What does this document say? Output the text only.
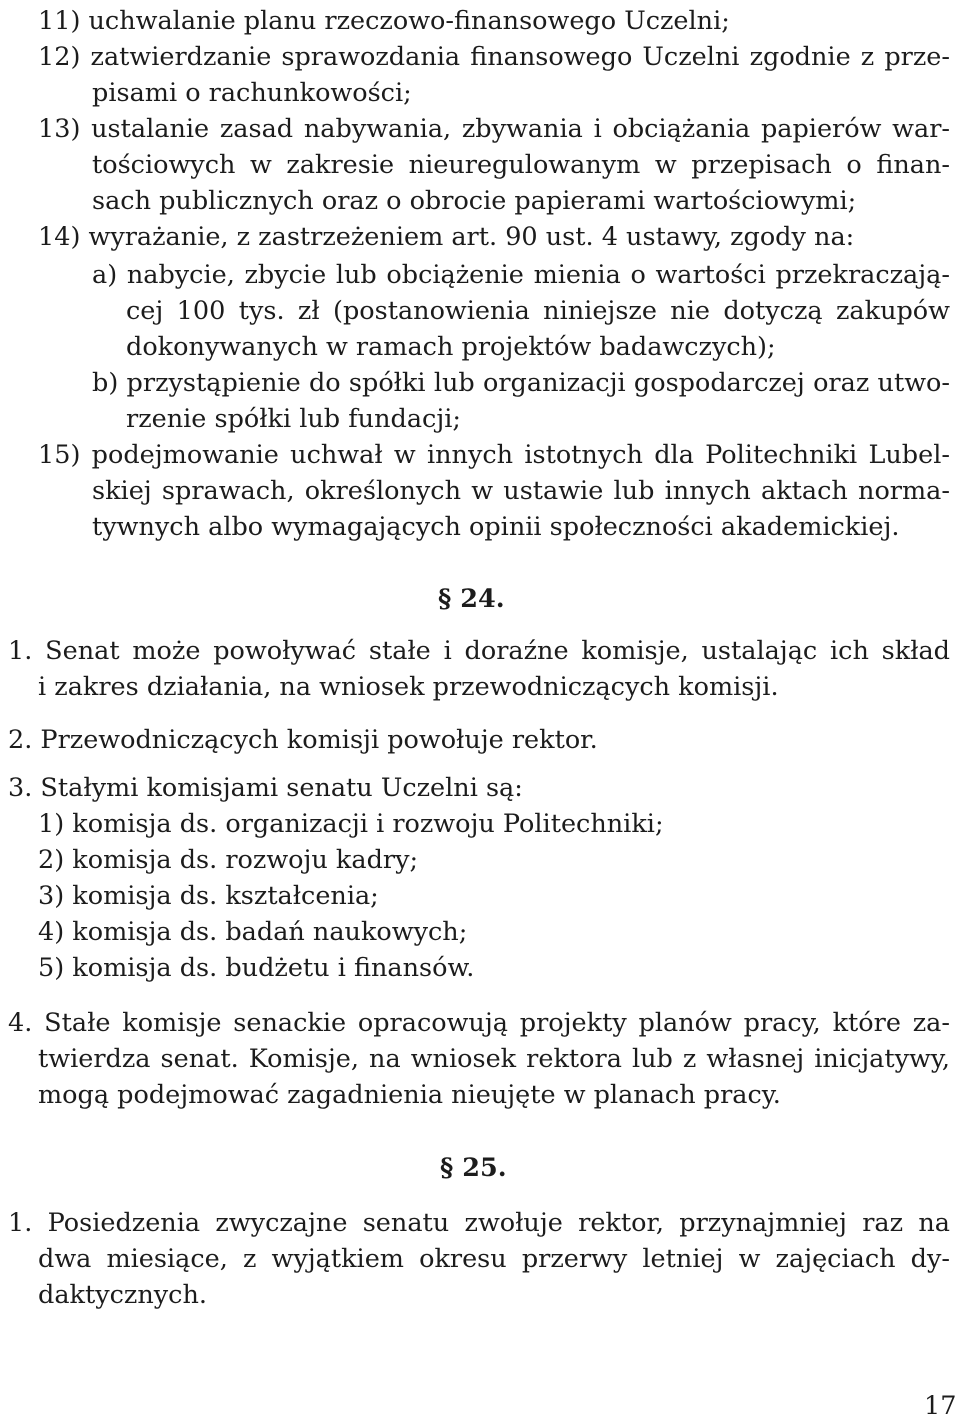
11) uchwalanie planu rzeczowo-finansowego Uczelni;
12) zatwierdzanie sprawozdania finansowego Uczelni zgodnie z prze-
pisami o rachunkowości;
13) ustalanie zasad nabywania, zbywania i obciążania papierów war-
tościowych w zakresie nieuregulowanym w przepisach o finan-
sach publicznych oraz o obrocie papierami wartościowymi;
14) wyrażanie, z zastrzeżeniem art. 90 ust. 4 ustawy, zgody na:
a) nabycie, zbycie lub obciążenie mienia o wartości przekraczają-
cej 100 tys. zł (postanowienia niniejsze nie dotyczą zakupów
dokonywanych w ramach projektów badawczych);
b) przystąpienie do spółki lub organizacji gospodarczej oraz utwo-
rzenie spółki lub fundacji;
15) podejmowanie uchwał w innych istotnych dla Politechniki Lubel-
skiej sprawach, określonych w ustawie lub innych aktach norma-
tywnych albo wymagających opinii społeczności akademickiej.
§ 24.
1. Senat może powoływać stałe i doraźne komisje, ustalając ich skład
i zakres działania, na wniosek przewodniczących komisji.
2. Przewodniczących komisji powołuje rektor.
3. Stałymi komisjami senatu Uczelni są:
1) komisja ds. organizacji i rozwoju Politechniki;
2) komisja ds. rozwoju kadry;
3) komisja ds. kształcenia;
4) komisja ds. badań naukowych;
5) komisja ds. budżetu i finansów.
4. Stałe komisje senackie opracowują projekty planów pracy, które za-
twierdza senat. Komisje, na wniosek rektora lub z własnej inicjatywy,
mogą podejmować zagadnienia nieujęte w planach pracy.
§ 25.
1. Posiedzenia zwyczajne senatu zwołuje rektor, przynajmniej raz na
dwa miesiące, z wyjątkiem okresu przerwy letniej w zajęciach dy-
daktycznych.
17
